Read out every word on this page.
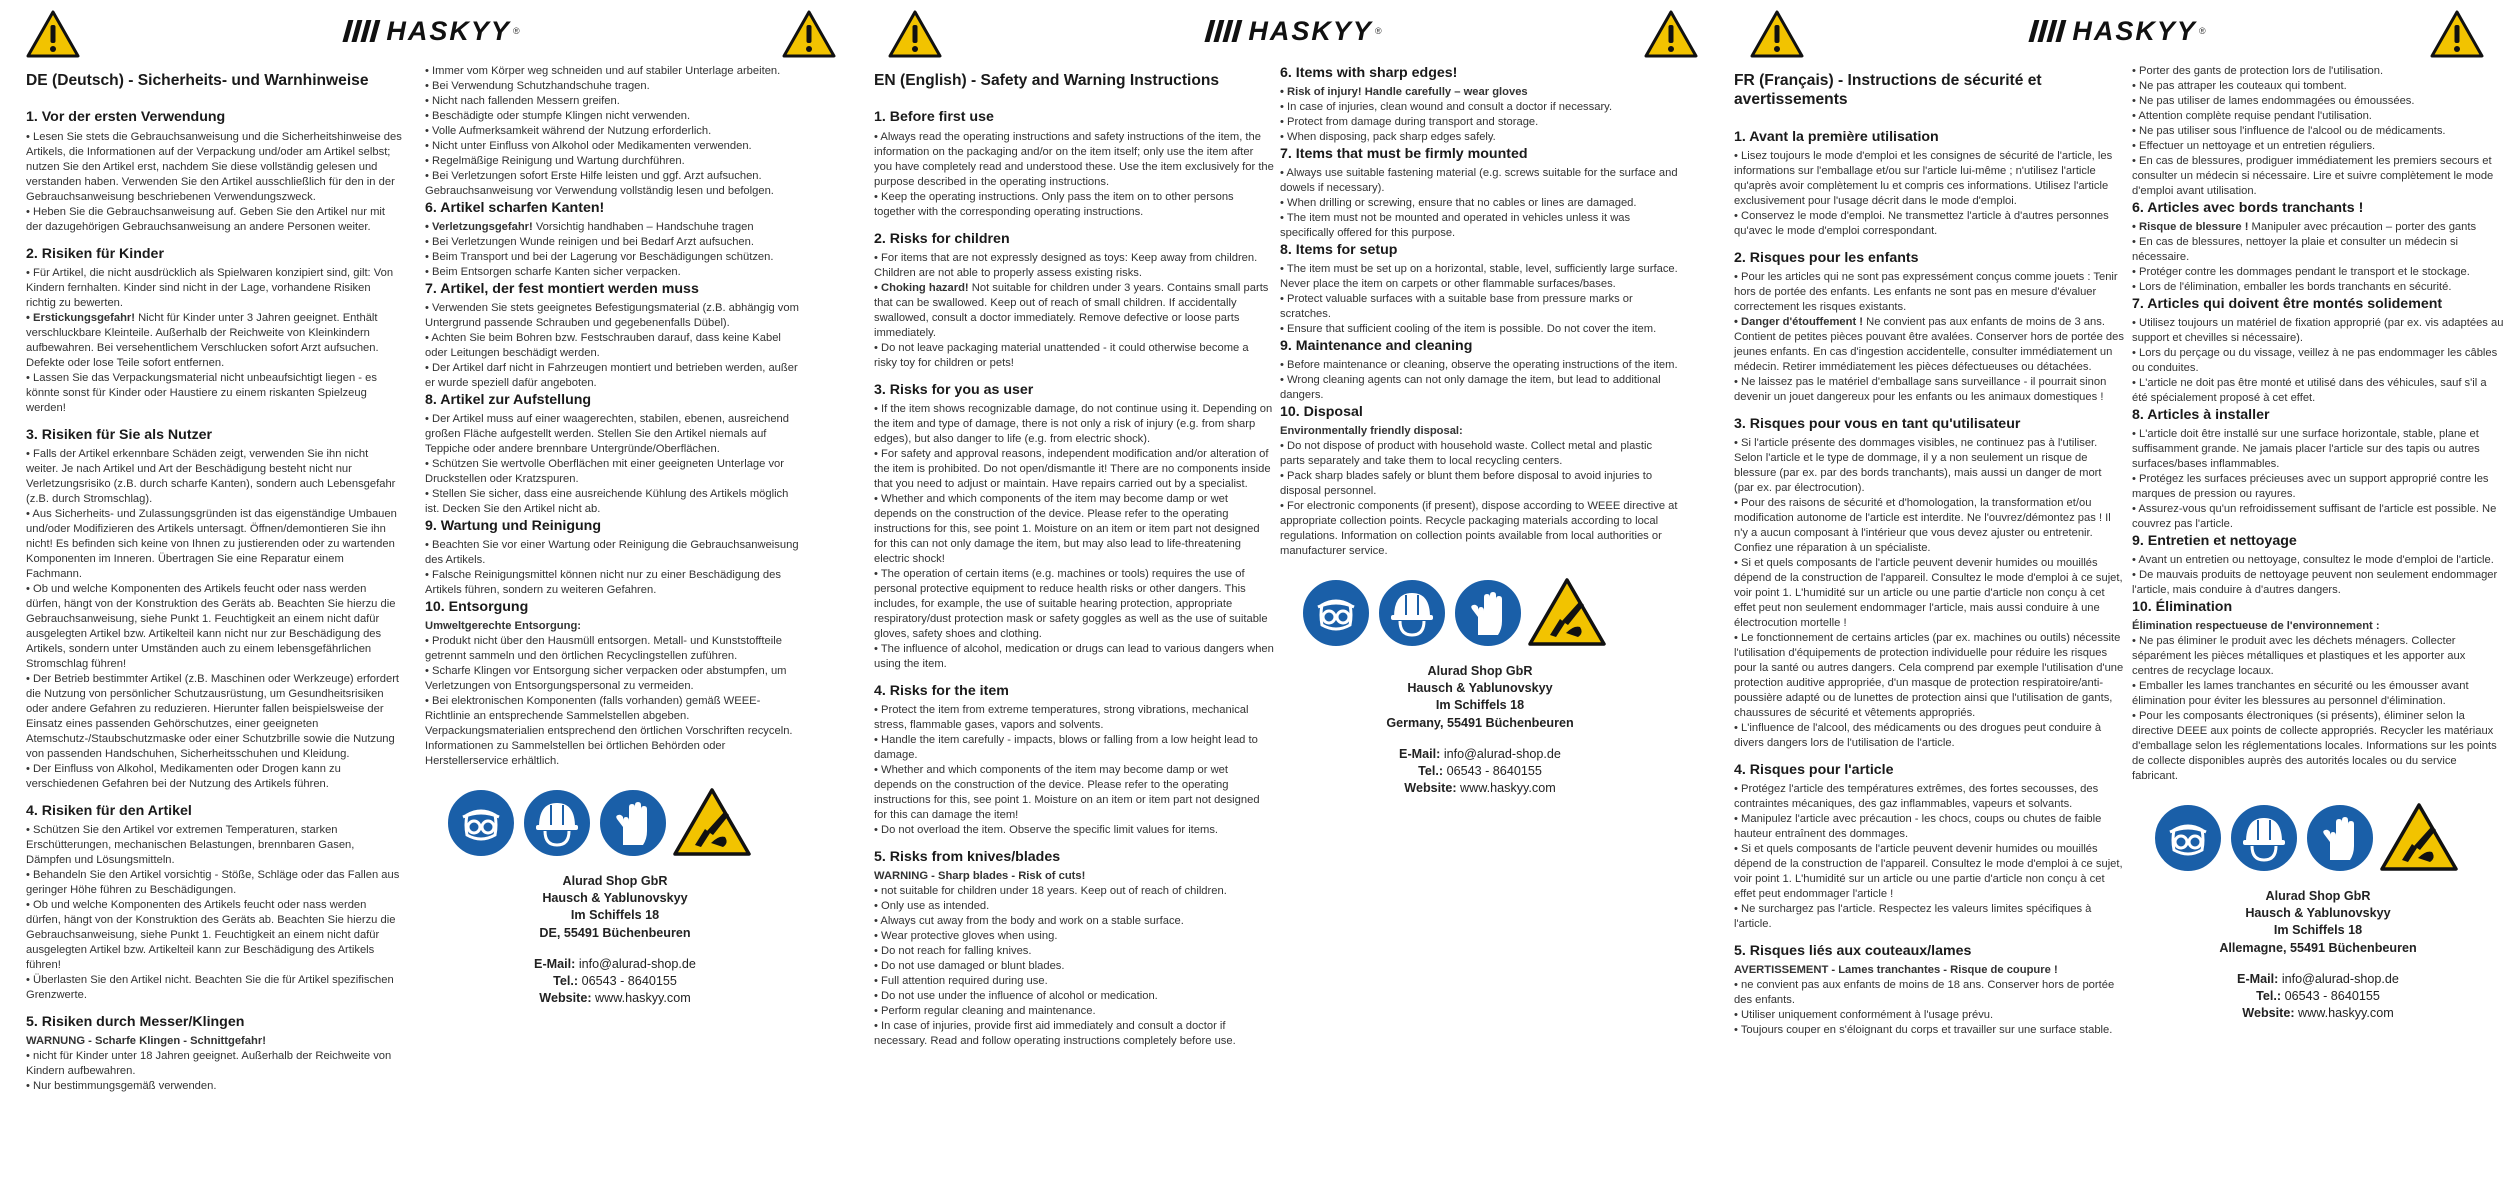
HASKYY ®
DE (Deutsch) - Sicherheits- und Warnhinweise
1. Vor der ersten Verwendung

• Lesen Sie stets die Gebrauchsanweisung und die Sicherheitshinweise des Artikels, die Informationen auf der Verpackung und/oder am Artikel selbst; nutzen Sie den Artikel erst, nachdem Sie diese vollständig gelesen und verstanden haben. Verwenden Sie den Artikel ausschließlich für den in der Gebrauchsanweisung beschriebenen Verwendungszweck.

• Heben Sie die Gebrauchsanweisung auf. Geben Sie den Artikel nur mit der dazugehörigen Gebrauchsanweisung an andere Personen weiter.

2. Risiken für Kinder

• Für Artikel, die nicht ausdrücklich als Spielwaren konzipiert sind, gilt: Von Kindern fernhalten. Kinder sind nicht in der Lage, vorhandene Risiken richtig zu bewerten.

• Erstickungsgefahr! Nicht für Kinder unter 3 Jahren geeignet. Enthält verschluckbare Kleinteile. Außerhalb der Reichweite von Kleinkindern aufbewahren. Bei versehentlichem Verschlucken sofort Arzt aufsuchen. Defekte oder lose Teile sofort entfernen.

• Lassen Sie das Verpackungsmaterial nicht unbeaufsichtigt liegen - es könnte sonst für Kinder oder Haustiere zu einem riskanten Spielzeug werden!

3. Risiken für Sie als Nutzer

• Falls der Artikel erkennbare Schäden zeigt, verwenden Sie ihn nicht weiter. Je nach Artikel und Art der Beschädigung besteht nicht nur Verletzungsrisiko (z.B. durch scharfe Kanten), sondern auch Lebensgefahr (z.B. durch Stromschlag).

• Aus Sicherheits- und Zulassungsgründen ist das eigenständige Umbauen und/oder Modifizieren des Artikels untersagt. Öffnen/demontieren Sie ihn nicht! Es befinden sich keine von Ihnen zu justierenden oder zu wartenden Komponenten im Inneren. Übertragen Sie eine Reparatur einem Fachmann.

• Ob und welche Komponenten des Artikels feucht oder nass werden dürfen, hängt von der Konstruktion des Geräts ab. Beachten Sie hierzu die Gebrauchsanweisung, siehe Punkt 1. Feuchtigkeit an einem nicht dafür ausgelegten Artikel bzw. Artikelteil kann nicht nur zur Beschädigung des Artikels, sondern unter Umständen auch zu einem lebensgefährlichen Stromschlag führen!

• Der Betrieb bestimmter Artikel (z.B. Maschinen oder Werkzeuge) erfordert die Nutzung von persönlicher Schutzausrüstung, um Gesundheitsrisiken oder andere Gefahren zu reduzieren. Hierunter fallen beispielsweise der Einsatz eines passenden Gehörschutzes, einer geeigneten Atemschutz-/Staubschutzmaske oder einer Schutzbrille sowie die Nutzung von passenden Handschuhen, Sicherheitsschuhen und Kleidung.

• Der Einfluss von Alkohol, Medikamenten oder Drogen kann zu verschiedenen Gefahren bei der Nutzung des Artikels führen.

4. Risiken für den Artikel

• Schützen Sie den Artikel vor extremen Temperaturen, starken Erschütterungen, mechanischen Belastungen, brennbaren Gasen, Dämpfen und Lösungsmitteln.

• Behandeln Sie den Artikel vorsichtig - Stöße, Schläge oder das Fallen aus geringer Höhe führen zu Beschädigungen.

• Ob und welche Komponenten des Artikels feucht oder nass werden dürfen, hängt von der Konstruktion des Geräts ab. Beachten Sie hierzu die Gebrauchsanweisung, siehe Punkt 1. Feuchtigkeit an einem nicht dafür ausgelegten Artikel bzw. Artikelteil kann zur Beschädigung des Artikels führen!

• Überlasten Sie den Artikel nicht. Beachten Sie die für Artikel spezifischen Grenzwerte.

5. Risiken durch Messer/Klingen

WARNUNG - Scharfe Klingen - Schnittgefahr!

• nicht für Kinder unter 18 Jahren geeignet. Außerhalb der Reichweite von Kindern aufbewahren.

• Nur bestimmungsgemäß verwenden.

• Immer vom Körper weg schneiden und auf stabiler Unterlage arbeiten.

• Bei Verwendung Schutzhandschuhe tragen.

• Nicht nach fallenden Messern greifen.

• Beschädigte oder stumpfe Klingen nicht verwenden.

• Volle Aufmerksamkeit während der Nutzung erforderlich.

• Nicht unter Einfluss von Alkohol oder Medikamenten verwenden.

• Regelmäßige Reinigung und Wartung durchführen.

• Bei Verletzungen sofort Erste Hilfe leisten und ggf. Arzt aufsuchen. Gebrauchsanweisung vor Verwendung vollständig lesen und befolgen.

6. Artikel scharfen Kanten!

• Verletzungsgefahr! Vorsichtig handhaben – Handschuhe tragen

• Bei Verletzungen Wunde reinigen und bei Bedarf Arzt aufsuchen.

• Beim Transport und bei der Lagerung vor Beschädigungen schützen.

• Beim Entsorgen scharfe Kanten sicher verpacken.

7. Artikel, der fest montiert werden muss

• Verwenden Sie stets geeignetes Befestigungsmaterial (z.B. abhängig vom Untergrund passende Schrauben und gegebenenfalls Dübel).

• Achten Sie beim Bohren bzw. Festschrauben darauf, dass keine Kabel oder Leitungen beschädigt werden.

• Der Artikel darf nicht in Fahrzeugen montiert und betrieben werden, außer er wurde speziell dafür angeboten.

8. Artikel zur Aufstellung

• Der Artikel muss auf einer waagerechten, stabilen, ebenen, ausreichend großen Fläche aufgestellt werden. Stellen Sie den Artikel niemals auf Teppiche oder andere brennbare Untergründe/Oberflächen.

• Schützen Sie wertvolle Oberflächen mit einer geeigneten Unterlage vor Druckstellen oder Kratzspuren.

• Stellen Sie sicher, dass eine ausreichende Kühlung des Artikels möglich ist. Decken Sie den Artikel nicht ab.

9. Wartung und Reinigung

• Beachten Sie vor einer Wartung oder Reinigung die Gebrauchsanweisung des Artikels.

• Falsche Reinigungsmittel können nicht nur zu einer Beschädigung des Artikels führen, sondern zu weiteren Gefahren.

10. Entsorgung

Umweltgerechte Entsorgung:

• Produkt nicht über den Hausmüll entsorgen. Metall- und Kunststoffteile getrennt sammeln und den örtlichen Recyclingstellen zuführen.

• Scharfe Klingen vor Entsorgung sicher verpacken oder abstumpfen, um Verletzungen von Entsorgungspersonal zu vermeiden.

• Bei elektronischen Komponenten (falls vorhanden) gemäß WEEE-Richtlinie an entsprechende Sammelstellen abgeben. Verpackungsmaterialien entsprechend den örtlichen Vorschriften recyceln. Informationen zu Sammelstellen bei örtlichen Behörden oder Herstellerservice erhältlich.

Alurad Shop GbR
Hausch & Yablunovskyy
Im Schiffels 18
DE, 55491 Büchenbeuren
E-Mail: info@alurad-shop.de
Tel.: 06543 - 8640155
Website: www.haskyy.com
HASKYY ®
EN (English) - Safety and Warning Instructions
1. Before first use

• Always read the operating instructions and safety instructions of the item, the information on the packaging and/or on the item itself; only use the item after you have completely read and understood these. Use the item exclusively for the purpose described in the operating instructions.

• Keep the operating instructions. Only pass the item on to other persons together with the corresponding operating instructions.

2. Risks for children

• For items that are not expressly designed as toys: Keep away from children. Children are not able to properly assess existing risks.

• Choking hazard! Not suitable for children under 3 years. Contains small parts that can be swallowed. Keep out of reach of small children. If accidentally swallowed, consult a doctor immediately. Remove defective or loose parts immediately.

• Do not leave packaging material unattended - it could otherwise become a risky toy for children or pets!

3. Risks for you as user

• If the item shows recognizable damage, do not continue using it. Depending on the item and type of damage, there is not only a risk of injury (e.g. from sharp edges), but also danger to life (e.g. from electric shock).

• For safety and approval reasons, independent modification and/or alteration of the item is prohibited. Do not open/dismantle it! There are no components inside that you need to adjust or maintain. Have repairs carried out by a specialist.

• Whether and which components of the item may become damp or wet depends on the construction of the device. Please refer to the operating instructions for this, see point 1. Moisture on an item or item part not designed for this can not only damage the item, but may also lead to life-threatening electric shock!

• The operation of certain items (e.g. machines or tools) requires the use of personal protective equipment to reduce health risks or other dangers. This includes, for example, the use of suitable hearing protection, appropriate respiratory/dust protection mask or safety goggles as well as the use of suitable gloves, safety shoes and clothing.

• The influence of alcohol, medication or drugs can lead to various dangers when using the item.

4. Risks for the item

• Protect the item from extreme temperatures, strong vibrations, mechanical stress, flammable gases, vapors and solvents.

• Handle the item carefully - impacts, blows or falling from a low height lead to damage.

• Whether and which components of the item may become damp or wet depends on the construction of the device. Please refer to the operating instructions for this, see point 1. Moisture on an item or item part not designed for this can damage the item!

• Do not overload the item. Observe the specific limit values for items.

5. Risks from knives/blades

WARNING - Sharp blades - Risk of cuts!

• not suitable for children under 18 years. Keep out of reach of children.

• Only use as intended.

• Always cut away from the body and work on a stable surface.

• Wear protective gloves when using.

• Do not reach for falling knives.

• Do not use damaged or blunt blades.

• Full attention required during use.

• Do not use under the influence of alcohol or medication.

• Perform regular cleaning and maintenance.

• In case of injuries, provide first aid immediately and consult a doctor if necessary. Read and follow operating instructions completely before use.

6. Items with sharp edges!

• Risk of injury! Handle carefully – wear gloves

• In case of injuries, clean wound and consult a doctor if necessary.

• Protect from damage during transport and storage.

• When disposing, pack sharp edges safely.

7. Items that must be firmly mounted

• Always use suitable fastening material (e.g. screws suitable for the surface and dowels if necessary).

• When drilling or screwing, ensure that no cables or lines are damaged.

• The item must not be mounted and operated in vehicles unless it was specifically offered for this purpose.

8. Items for setup

• The item must be set up on a horizontal, stable, level, sufficiently large surface. Never place the item on carpets or other flammable surfaces/bases.

• Protect valuable surfaces with a suitable base from pressure marks or scratches.

• Ensure that sufficient cooling of the item is possible. Do not cover the item.

9. Maintenance and cleaning

• Before maintenance or cleaning, observe the operating instructions of the item.

• Wrong cleaning agents can not only damage the item, but lead to additional dangers.

10. Disposal

Environmentally friendly disposal:

• Do not dispose of product with household waste. Collect metal and plastic parts separately and take them to local recycling centers.

• Pack sharp blades safely or blunt them before disposal to avoid injuries to disposal personnel.

• For electronic components (if present), dispose according to WEEE directive at appropriate collection points. Recycle packaging materials according to local regulations. Information on collection points available from local authorities or manufacturer service.

Alurad Shop GbR
Hausch & Yablunovskyy
Im Schiffels 18
Germany, 55491 Büchenbeuren
E-Mail: info@alurad-shop.de
Tel.: 06543 - 8640155
Website: www.haskyy.com
HASKYY ®
FR (Français) - Instructions de sécurité et avertissements
1. Avant la première utilisation

• Lisez toujours le mode d'emploi et les consignes de sécurité de l'article, les informations sur l'emballage et/ou sur l'article lui-même ; n'utilisez l'article qu'après avoir complètement lu et compris ces informations. Utilisez l'article exclusivement pour l'usage décrit dans le mode d'emploi.

• Conservez le mode d'emploi. Ne transmettez l'article à d'autres personnes qu'avec le mode d'emploi correspondant.

2. Risques pour les enfants

• Pour les articles qui ne sont pas expressément conçus comme jouets : Tenir hors de portée des enfants. Les enfants ne sont pas en mesure d'évaluer correctement les risques existants.

• Danger d'étouffement ! Ne convient pas aux enfants de moins de 3 ans. Contient de petites pièces pouvant être avalées. Conserver hors de portée des jeunes enfants. En cas d'ingestion accidentelle, consulter immédiatement un médecin. Retirer immédiatement les pièces défectueuses ou détachées.

• Ne laissez pas le matériel d'emballage sans surveillance - il pourrait sinon devenir un jouet dangereux pour les enfants ou les animaux domestiques !

3. Risques pour vous en tant qu'utilisateur

• Si l'article présente des dommages visibles, ne continuez pas à l'utiliser. Selon l'article et le type de dommage, il y a non seulement un risque de blessure (par ex. par des bords tranchants), mais aussi un danger de mort (par ex. par électrocution).

• Pour des raisons de sécurité et d'homologation, la transformation et/ou modification autonome de l'article est interdite. Ne l'ouvrez/démontez pas ! Il n'y a aucun composant à l'intérieur que vous devez ajuster ou entretenir. Confiez une réparation à un spécialiste.

• Si et quels composants de l'article peuvent devenir humides ou mouillés dépend de la construction de l'appareil. Consultez le mode d'emploi à ce sujet, voir point 1. L'humidité sur un article ou une partie d'article non conçu à cet effet peut non seulement endommager l'article, mais aussi conduire à une électrocution mortelle !

• Le fonctionnement de certains articles (par ex. machines ou outils) nécessite l'utilisation d'équipements de protection individuelle pour réduire les risques pour la santé ou autres dangers. Cela comprend par exemple l'utilisation d'une protection auditive appropriée, d'un masque de protection respiratoire/anti-poussière adapté ou de lunettes de protection ainsi que l'utilisation de gants, chaussures de sécurité et vêtements appropriés.

• L'influence de l'alcool, des médicaments ou des drogues peut conduire à divers dangers lors de l'utilisation de l'article.

4. Risques pour l'article

• Protégez l'article des températures extrêmes, des fortes secousses, des contraintes mécaniques, des gaz inflammables, vapeurs et solvants.

• Manipulez l'article avec précaution - les chocs, coups ou chutes de faible hauteur entraînent des dommages.

• Si et quels composants de l'article peuvent devenir humides ou mouillés dépend de la construction de l'appareil. Consultez le mode d'emploi à ce sujet, voir point 1. L'humidité sur un article ou une partie d'article non conçu à cet effet peut endommager l'article !

• Ne surchargez pas l'article. Respectez les valeurs limites spécifiques à l'article.

5. Risques liés aux couteaux/lames

AVERTISSEMENT - Lames tranchantes - Risque de coupure !

• ne convient pas aux enfants de moins de 18 ans. Conserver hors de portée des enfants.

• Utiliser uniquement conformément à l'usage prévu.

• Toujours couper en s'éloignant du corps et travailler sur une surface stable.

• Porter des gants de protection lors de l'utilisation.

• Ne pas attraper les couteaux qui tombent.

• Ne pas utiliser de lames endommagées ou émoussées.

• Attention complète requise pendant l'utilisation.

• Ne pas utiliser sous l'influence de l'alcool ou de médicaments.

• Effectuer un nettoyage et un entretien réguliers.

• En cas de blessures, prodiguer immédiatement les premiers secours et consulter un médecin si nécessaire. Lire et suivre complètement le mode d'emploi avant utilisation.

6. Articles avec bords tranchants !

• Risque de blessure ! Manipuler avec précaution – porter des gants

• En cas de blessures, nettoyer la plaie et consulter un médecin si nécessaire.

• Protéger contre les dommages pendant le transport et le stockage.

• Lors de l'élimination, emballer les bords tranchants en sécurité.

7. Articles qui doivent être montés solidement

• Utilisez toujours un matériel de fixation approprié (par ex. vis adaptées au support et chevilles si nécessaire).

• Lors du perçage ou du vissage, veillez à ne pas endommager les câbles ou conduites.

• L'article ne doit pas être monté et utilisé dans des véhicules, sauf s'il a été spécialement proposé à cet effet.

8. Articles à installer

• L'article doit être installé sur une surface horizontale, stable, plane et suffisamment grande. Ne jamais placer l'article sur des tapis ou autres surfaces/bases inflammables.

• Protégez les surfaces précieuses avec un support approprié contre les marques de pression ou rayures.

• Assurez-vous qu'un refroidissement suffisant de l'article est possible. Ne couvrez pas l'article.

9. Entretien et nettoyage

• Avant un entretien ou nettoyage, consultez le mode d'emploi de l'article.

• De mauvais produits de nettoyage peuvent non seulement endommager l'article, mais conduire à d'autres dangers.

10. Élimination

Élimination respectueuse de l'environnement :

• Ne pas éliminer le produit avec les déchets ménagers. Collecter séparément les pièces métalliques et plastiques et les apporter aux centres de recyclage locaux.

• Emballer les lames tranchantes en sécurité ou les émousser avant élimination pour éviter les blessures au personnel d'élimination.

• Pour les composants électroniques (si présents), éliminer selon la directive DEEE aux points de collecte appropriés. Recycler les matériaux d'emballage selon les réglementations locales. Informations sur les points de collecte disponibles auprès des autorités locales ou du service fabricant.

Alurad Shop GbR
Hausch & Yablunovskyy
Im Schiffels 18
Allemagne, 55491 Büchenbeuren
E-Mail: info@alurad-shop.de
Tel.: 06543 - 8640155
Website: www.haskyy.com
